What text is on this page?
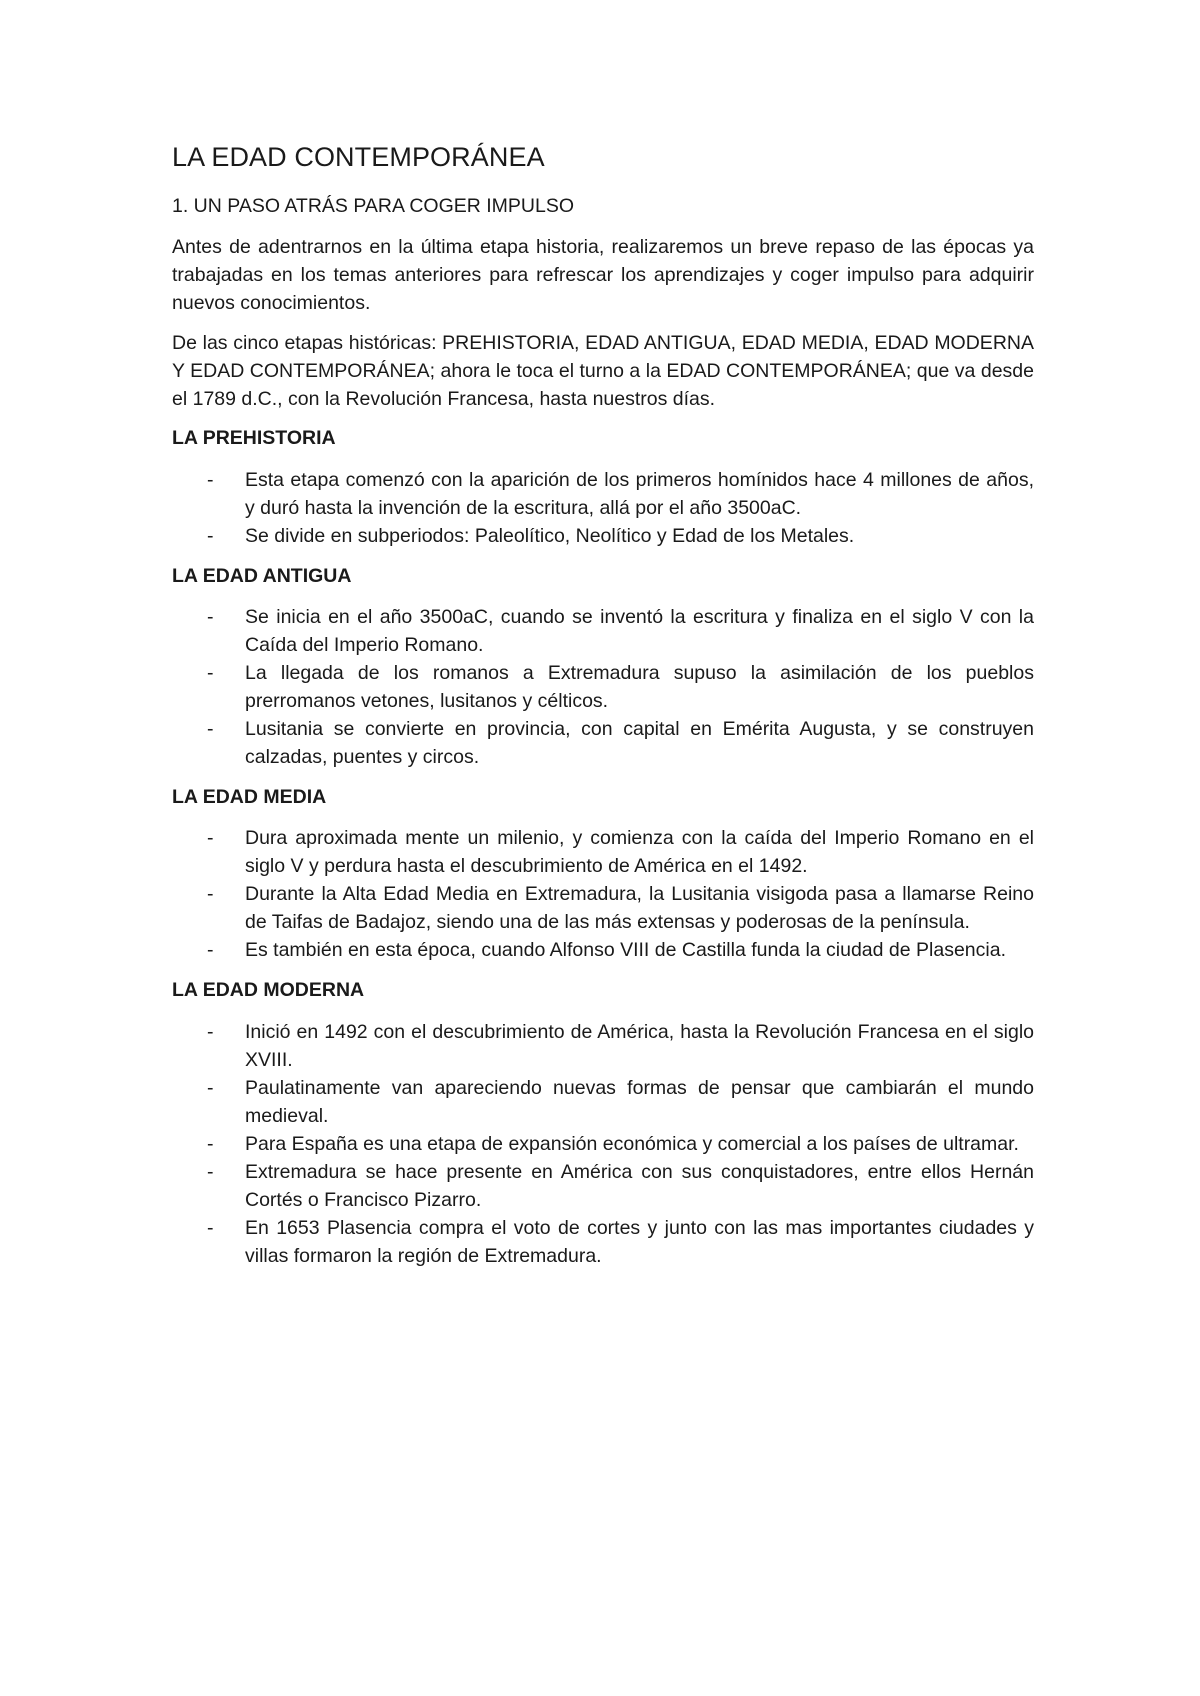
LA EDAD CONTEMPORÁNEA
1. UN PASO ATRÁS PARA COGER IMPULSO

Antes de adentrarnos en la última etapa historia, realizaremos un breve repaso de las épocas ya trabajadas en los temas anteriores para refrescar los aprendizajes y coger impulso para adquirir nuevos conocimientos.

De las cinco etapas históricas: PREHISTORIA, EDAD ANTIGUA, EDAD MEDIA, EDAD MODERNA Y EDAD CONTEMPORÁNEA; ahora le toca el turno a la EDAD CONTEMPORÁNEA; que va desde el 1789 d.C., con la Revolución Francesa, hasta nuestros días.

LA PREHISTORIA
- Esta etapa comenzó con la aparición de los primeros homínidos hace 4 millones de años, y duró hasta la invención de la escritura, allá por el año 3500aC.
- Se divide en subperiodos: Paleolítico, Neolítico y Edad de los Metales.
LA EDAD ANTIGUA
- Se inicia en el año 3500aC, cuando se inventó la escritura y finaliza en el siglo V con la Caída del Imperio Romano.
- La llegada de los romanos a Extremadura supuso la asimilación de los pueblos prerromanos vetones, lusitanos y célticos.
- Lusitania se convierte en provincia, con capital en Emérita Augusta, y se construyen calzadas, puentes y circos.
LA EDAD MEDIA
- Dura aproximada mente un milenio, y comienza con la caída del Imperio Romano en el siglo V y perdura hasta el descubrimiento de América en el 1492.
- Durante la Alta Edad Media en Extremadura, la Lusitania visigoda pasa a llamarse Reino de Taifas de Badajoz, siendo una de las más extensas y poderosas de la península.
- Es también en esta época, cuando Alfonso VIII de Castilla funda la ciudad de Plasencia.
LA EDAD MODERNA
- Inició en 1492 con el descubrimiento de América, hasta la Revolución Francesa en el siglo XVIII.
- Paulatinamente van apareciendo nuevas formas de pensar que cambiarán el mundo medieval.
- Para España es una etapa de expansión económica y comercial a los países de ultramar.
- Extremadura se hace presente en América con sus conquistadores, entre ellos Hernán Cortés o Francisco Pizarro.
- En 1653 Plasencia compra el voto de cortes y junto con las mas importantes ciudades y villas formaron la región de Extremadura.
